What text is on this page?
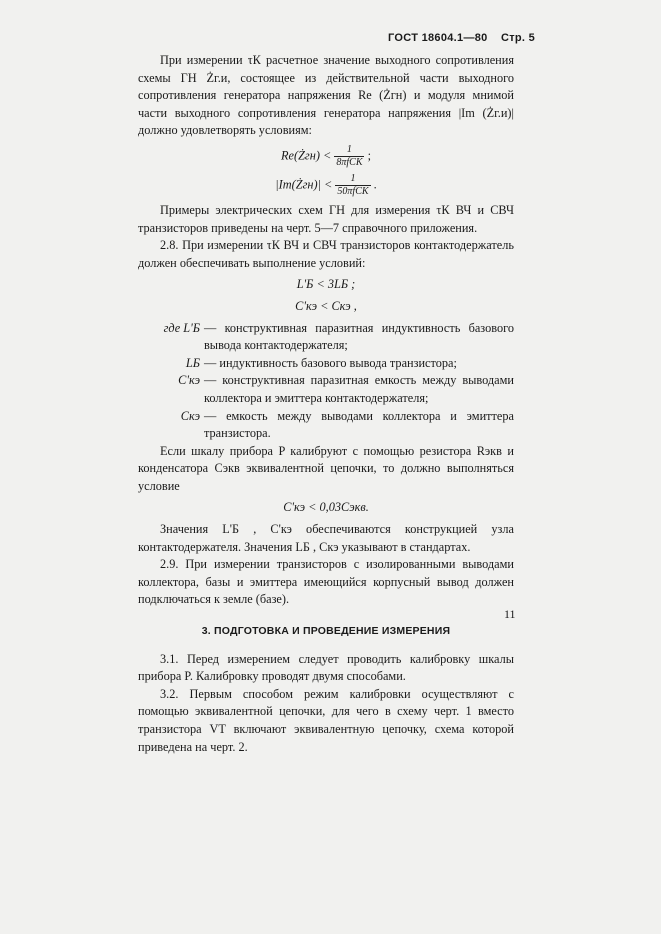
ГОСТ 18604.1—80 Стр. 5

При измерении τК расчетное значение выходного сопротивления схемы ГН Żг.и, состоящее из действительной части выходного сопротивления генератора напряжения Re (Żгн) и модуля мнимой части выходного сопротивления генератора напряжения |Im (Żг.и)| должно удовлетворять условиям:

Re(Żгн) < $\frac{1}{\text{8πfCК}}$ ;
|Im(Żгн)| < $\frac{1}{\text{50πfCК}}$ .

Примеры электрических схем ГН для измерения τК ВЧ и СВЧ транзисторов приведены на черт. 5—7 справочного приложения.

2.8. При измерении τК ВЧ и СВЧ транзисторов контактодержатель должен обеспечивать выполнение условий:

L'Б < 3LБ ;
C'кэ < Cкэ ,
где L'Б — конструктивная паразитная индуктивность базового вывода контактодержателя;
LБ — индуктивность базового вывода транзистора;
C'кэ — конструктивная паразитная емкость между выводами коллектора и эмиттера контактодержателя;
Cкэ — емкость между выводами коллектора и эмиттера транзистора.

Если шкалу прибора P калибруют с помощью резистора Rэкв и конденсатора Cэкв эквивалентной цепочки, то должно выполняться условие

C'кэ < 0,03Cэкв.

Значения L'Б , C'кэ обеспечиваются конструкцией узла контактодержателя. Значения LБ , Cкэ указывают в стандартах.

2.9. При измерении транзисторов с изолированными выводами коллектора, базы и эмиттера имеющийся корпусный вывод должен подключаться к земле (базе).

3. ПОДГОТОВКА И ПРОВЕДЕНИЕ ИЗМЕРЕНИЯ

3.1. Перед измерением следует проводить калибровку шкалы прибора P. Калибровку проводят двумя способами.

3.2. Первым способом режим калибровки осуществляют с помощью эквивалентной цепочки, для чего в схему черт. 1 вместо транзистора VT включают эквивалентную цепочку, схема которой приведена на черт. 2.

11
